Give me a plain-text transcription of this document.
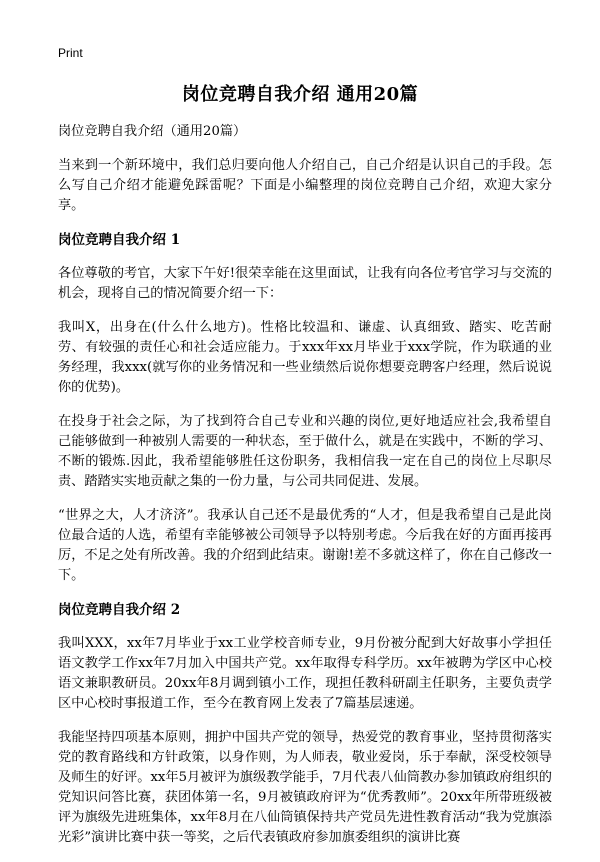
Print
岗位竞聘自我介绍 通用20篇

岗位竞聘自我介绍（通用20篇）

当来到一个新环境中，我们总归要向他人介绍自己，自己介绍是认识自己的手段。怎么写自己介绍才能避免踩雷呢？下面是小编整理的岗位竞聘自己介绍，欢迎大家分享。

岗位竞聘自我介绍 1

各位尊敬的考官，大家下午好!很荣幸能在这里面试，让我有向各位考官学习与交流的机会，现将自己的情况简要介绍一下：

我叫Ⅹ，出身在(什么什么地方)。性格比较温和、谦虚、认真细致、踏实、吃苦耐劳、有较强的责任心和社会适应能力。于xxx年xx月毕业于xxx学院，作为联通的业务经理，我xxx(就写你的业务情况和一些业绩然后说你想要竞聘客户经理，然后说说你的优势)。

在投身于社会之际，为了找到符合自己专业和兴趣的岗位,更好地适应社会,我希望自己能够做到一种被别人需要的一种状态，至于做什么，就是在实践中，不断的学习、不断的锻炼.因此，我希望能够胜任这份职务，我相信我一定在自己的岗位上尽职尽责、踏踏实实地贡献之集的一份力量，与公司共同促进、发展。

“世界之大，人才济济”。我承认自己还不是最优秀的“人才，但是我希望自己是此岗位最合适的人选，希望有幸能够被公司领导予以特别考虑。今后我在好的方面再接再厉，不足之处有所改善。我的介绍到此结束。谢谢!差不多就这样了，你在自己修改一下。

岗位竞聘自我介绍 2

我叫XXX，xx年7月毕业于xx工业学校音师专业，9月份被分配到大好故事小学担任语文教学工作xx年7月加入中国共产党。xx年取得专科学历。xx年被聘为学区中心校语文兼职教研员。20xx年8月调到镇小工作，现担任教科研副主任职务，主要负责学区中心校时事报道工作，至今在教育网上发表了7篇基层速递。

我能坚持四项基本原则，拥护中国共产党的领导，热爱党的教育事业，坚持贯彻落实党的教育路线和方针政策，以身作则，为人师表，敬业爱岗，乐于奉献，深受校领导及师生的好评。xx年5月被评为旗级教学能手，7月代表八仙筒教办参加镇政府组织的党知识问答比赛，获团体第一名，9月被镇政府评为“优秀教师”。20xx年所带班级被评为旗级先进班集体，xx年8月在八仙筒镇保持共产党员先进性教育活动“我为党旗添光彩”演讲比赛中获一等奖，之后代表镇政府参加旗委组织的演讲比赛
